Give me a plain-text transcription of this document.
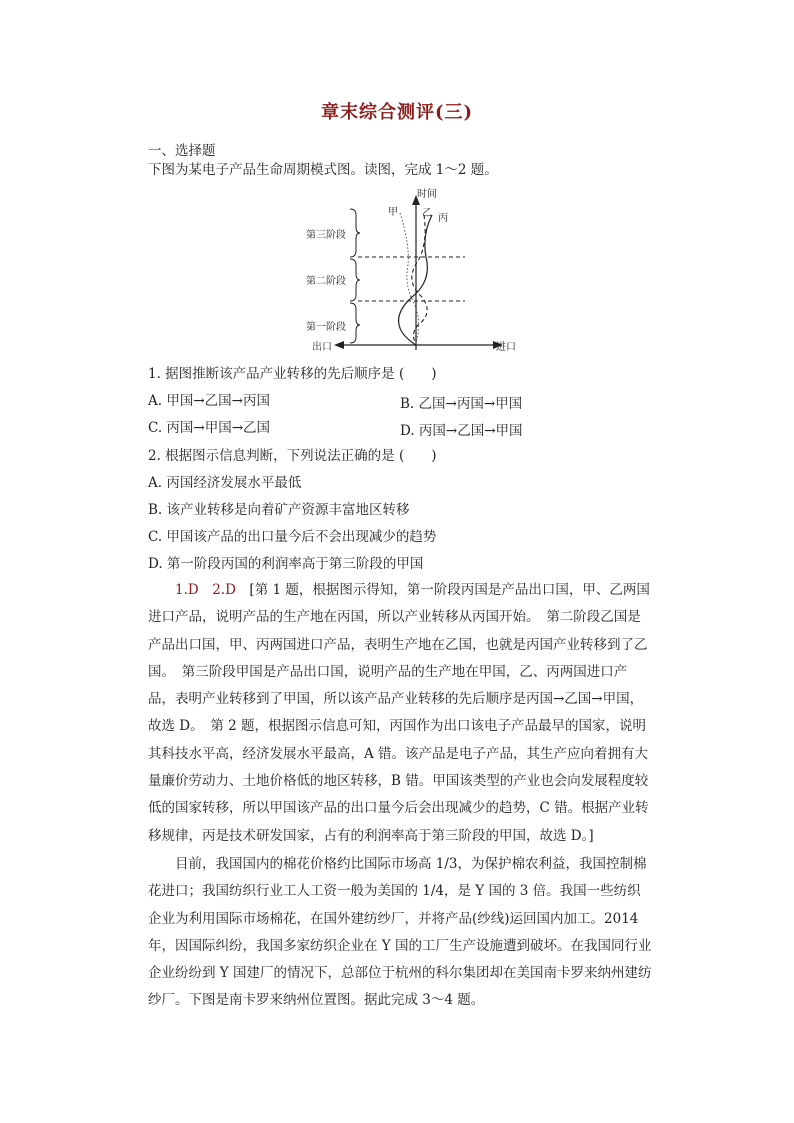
章末综合测评(三)
一、选择题
下图为某电子产品生命周期模式图。读图，完成 1～2 题。
时间
甲 乙 丙
第三阶段
第二阶段
第一阶段
出口	进口
1. 据图推断该产品产业转移的先后顺序是 (　　)
A. 甲国→乙国→丙国	B. 乙国→丙国→甲国
C. 丙国→甲国→乙国	D. 丙国→乙国→甲国
2. 根据图示信息判断，下列说法正确的是 (　　)
A. 丙国经济发展水平最低
B. 该产业转移是向着矿产资源丰富地区转移
C. 甲国该产品的出口量今后不会出现减少的趋势
D. 第一阶段丙国的利润率高于第三阶段的甲国

1.D　2.D　 [第 1 题，根据图示得知，第一阶段丙国是产品出口国，甲、乙两国进口产品，说明产品的生产地在丙国，所以产业转移从丙国开始。　第二阶段乙国是产品出口国，甲、丙两国进口产品，表明生产地在乙国，也就是丙国产业转移到了乙国。　第三阶段甲国是产品出口国，说明产品的生产地在甲国，乙、丙两国进口产品，表明产业转移到了甲国，所以该产品产业转移的先后顺序是丙国→乙国→甲国，故选 D。　第 2 题，根据图示信息可知，丙国作为出口该电子产品最早的国家，说明其科技水平高，经济发展水平最高，A 错。该产品是电子产品，其生产应向着拥有大量廉价劳动力、土地价格低的地区转移，B 错。甲国该类型的产业也会向发展程度较低的国家转移，所以甲国该产品的出口量今后会出现减少的趋势，C 错。根据产业转移规律，丙是技术研发国家，占有的利润率高于第三阶段的甲国，故选 D。]

目前，我国国内的棉花价格约比国际市场高 1/3，为保护棉农利益，我国控制棉花进口；我国纺织行业工人工资一般为美国的 1/4，是 Y 国的 3 倍。我国一些纺织企业为利用国际市场棉花，在国外建纺纱厂，并将产品(纱线)运回国内加工。2014 年，因国际纠纷，我国多家纺织企业在 Y 国的工厂生产设施遭到破坏。在我国同行业企业纷纷到 Y 国建厂的情况下，总部位于杭州的科尔集团却在美国南卡罗来纳州建纺纱厂。下图是南卡罗来纳州位置图。据此完成 3～4 题。
